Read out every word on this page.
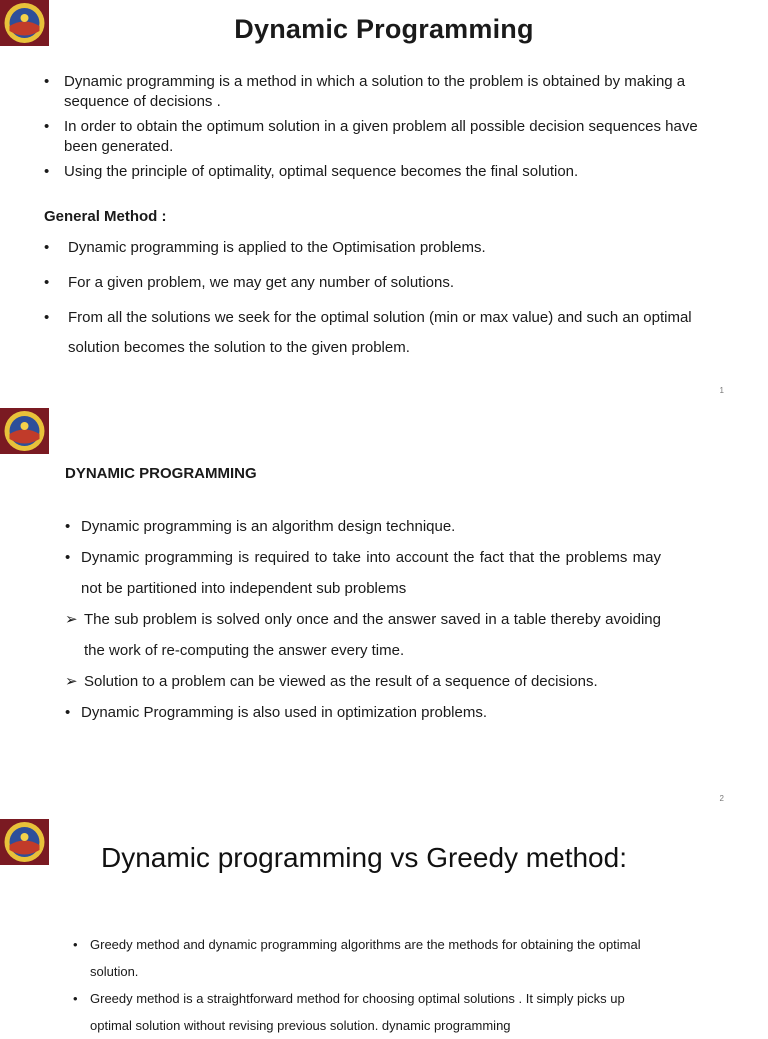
Dynamic Programming
• Dynamic programming is a method in which a solution to the problem is obtained by making a sequence of decisions .
• In order to obtain the optimum solution in a given problem all possible decision sequences have been generated.
• Using the principle of optimality, optimal sequence becomes the final solution.
General Method :
• Dynamic programming is applied to the Optimisation problems.
• For a given problem, we may get any number of solutions.
• From all the solutions we seek for the optimal solution (min or max value) and such an optimal solution becomes the solution to the given problem.
1
DYNAMIC PROGRAMMING
• Dynamic programming is an algorithm design technique.
• Dynamic programming is required to take into account the fact that the problems may not be partitioned into independent sub problems
➢ The sub problem is solved only once and the answer saved in a table thereby avoiding the work of re-computing the answer every time.
➢ Solution to a problem can be viewed as the result of a sequence of decisions.
• Dynamic Programming is also used in optimization problems.
2
Dynamic programming vs Greedy method:
• Greedy method and dynamic programming algorithms are the methods for obtaining the optimal solution.
• Greedy method is a straightforward method for choosing optimal solutions . It simply picks up optimal solution without revising previous solution. dynamic programming
